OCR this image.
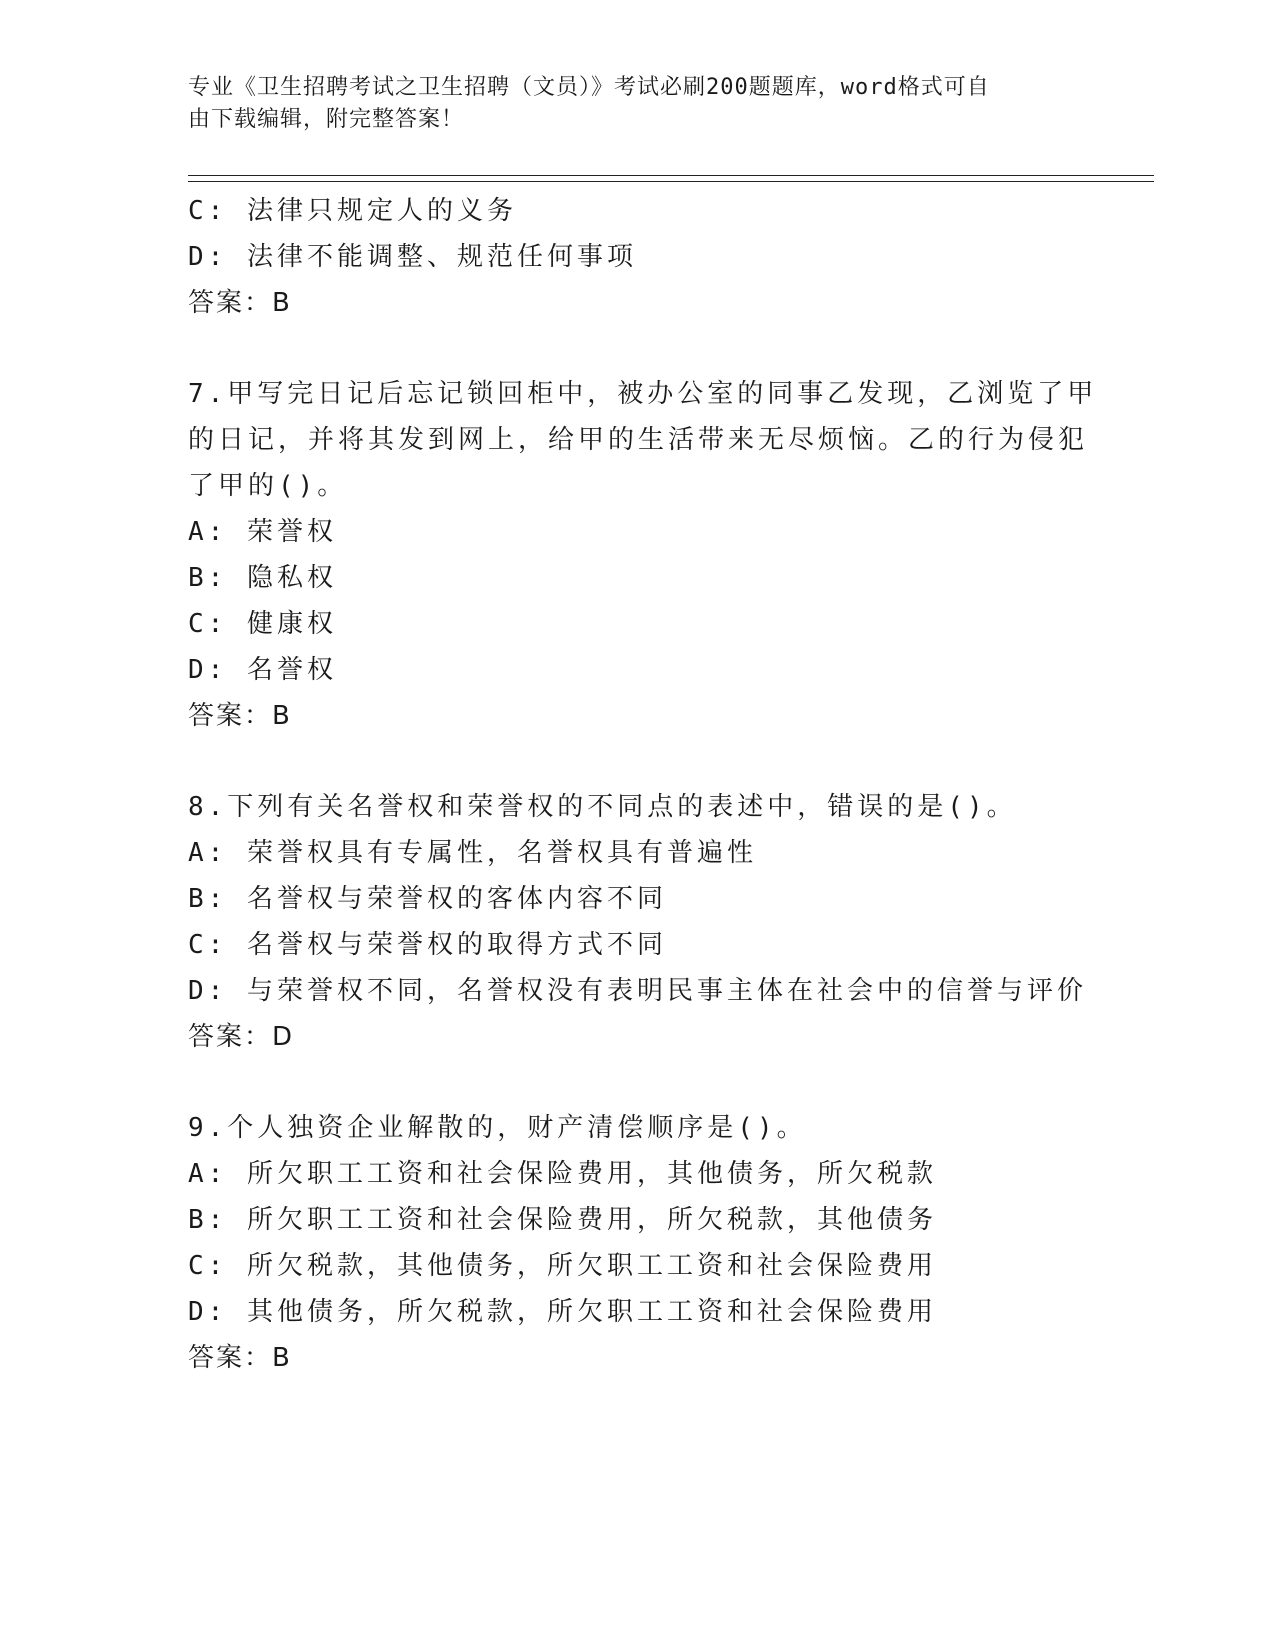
专业《卫生招聘考试之卫生招聘（文员）》考试必刷200题题库，word格式可自
由下载编辑，附完整答案！
C: 法律只规定人的义务
D: 法律不能调整、规范任何事项
答案：B
7.甲写完日记后忘记锁回柜中，被办公室的同事乙发现，乙浏览了甲
的日记，并将其发到网上，给甲的生活带来无尽烦恼。乙的行为侵犯
了甲的()。
A: 荣誉权
B: 隐私权
C: 健康权
D: 名誉权
答案：B
8.下列有关名誉权和荣誉权的不同点的表述中，错误的是()。
A: 荣誉权具有专属性，名誉权具有普遍性
B: 名誉权与荣誉权的客体内容不同
C: 名誉权与荣誉权的取得方式不同
D: 与荣誉权不同，名誉权没有表明民事主体在社会中的信誉与评价
答案：D
9.个人独资企业解散的，财产清偿顺序是()。
A: 所欠职工工资和社会保险费用，其他债务，所欠税款
B: 所欠职工工资和社会保险费用，所欠税款，其他债务
C: 所欠税款，其他债务，所欠职工工资和社会保险费用
D: 其他债务，所欠税款，所欠职工工资和社会保险费用
答案：B
